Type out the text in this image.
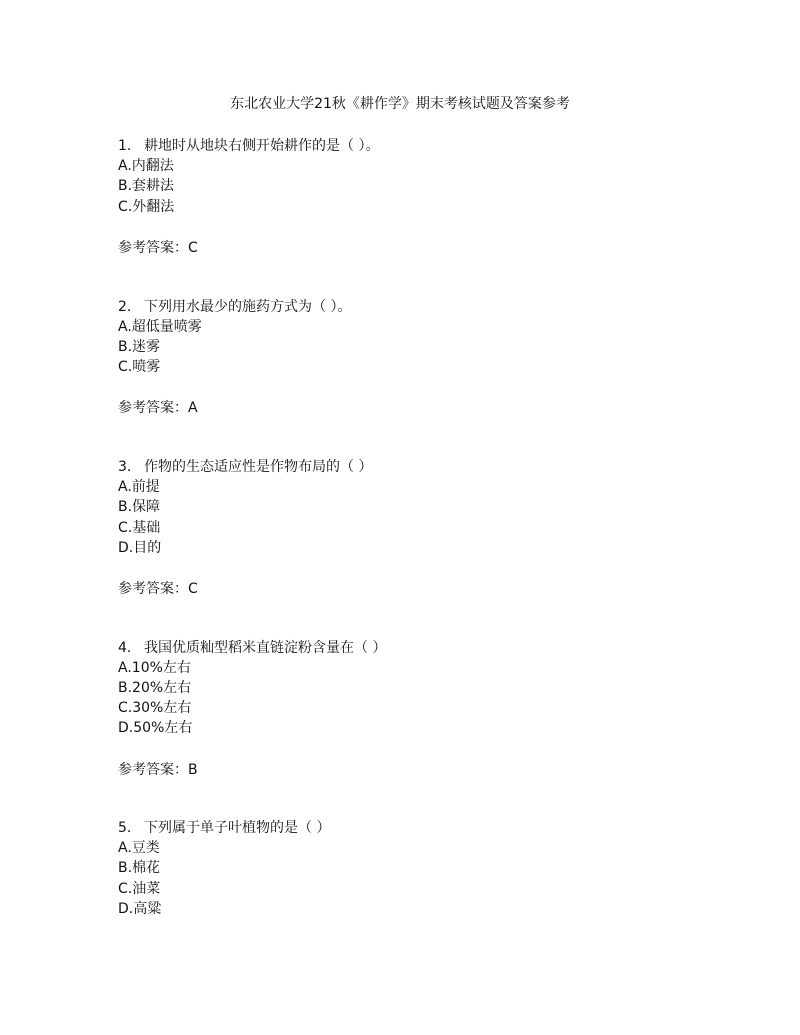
东北农业大学21秋《耕作学》期末考核试题及答案参考
1. 耕地时从地块右侧开始耕作的是（ ）。
A.内翻法
B.套耕法
C.外翻法
参考答案：C
2. 下列用水最少的施药方式为（ ）。
A.超低量喷雾
B.迷雾
C.喷雾
参考答案：A
3. 作物的生态适应性是作物布局的（ ）
A.前提
B.保障
C.基础
D.目的
参考答案：C
4. 我国优质籼型稻米直链淀粉含量在（ ）
A.10%左右
B.20%左右
C.30%左右
D.50%左右
参考答案：B
5. 下列属于单子叶植物的是（ ）
A.豆类
B.棉花
C.油菜
D.高粱
